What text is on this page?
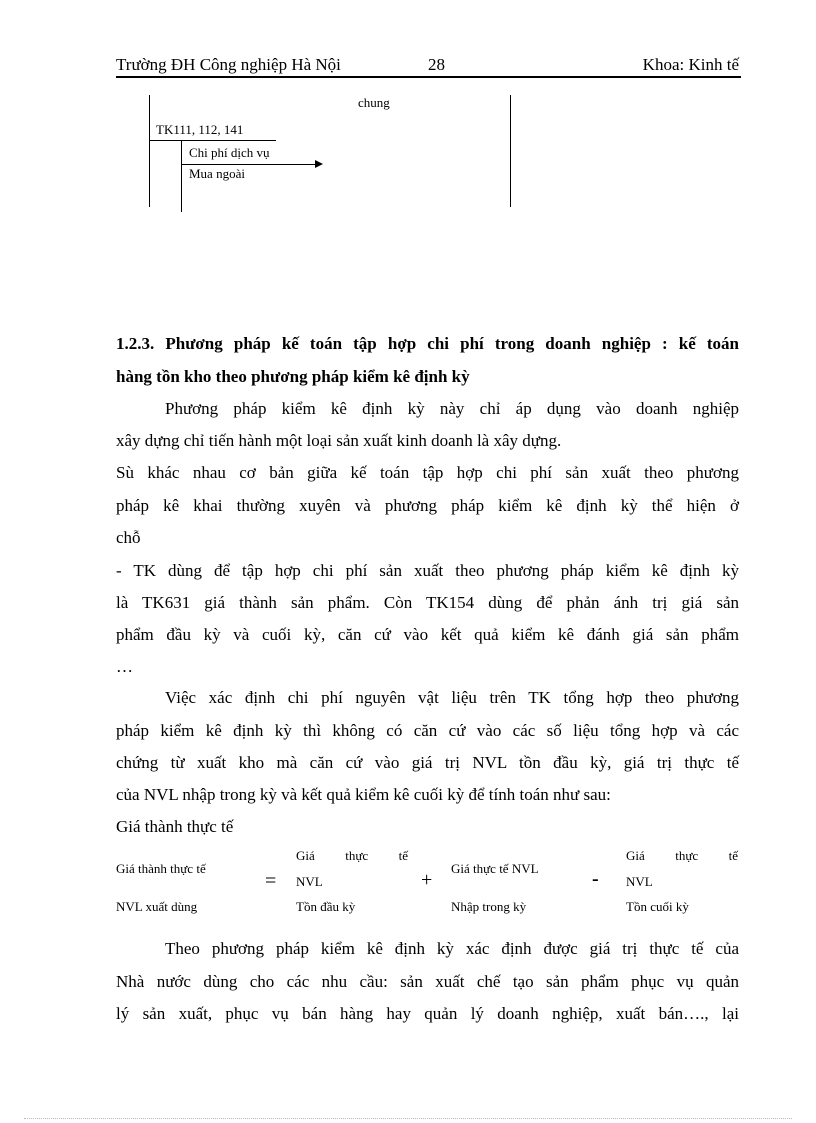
Trường ĐH Công nghiệp Hà Nội	28	Khoa: Kinh tế
chung
TK111, 112, 141
Chi phí dịch vụ
Mua ngoài
1.2.3. Phương pháp kế toán tập hợp chi phí trong doanh nghiệp : kế toán
hàng tồn kho theo phương pháp kiểm kê định kỳ
Phương pháp kiểm kê định kỳ này chỉ áp dụng vào doanh nghiệp
xây dựng chỉ tiến hành một loại sản xuất kinh doanh là xây dựng.
Sù khác nhau cơ bản giữa kế toán tập hợp chi phí sản xuất theo phương
pháp kê khai thường xuyên và phương pháp kiểm kê định kỳ thể hiện ở
chỗ
- TK dùng để tập hợp chi phí sản xuất theo phương pháp kiểm kê định kỳ
là TK631 giá thành sản phẩm. Còn TK154 dùng để phản ánh trị giá sản
phẩm đầu kỳ và cuối kỳ, căn cứ vào kết quả kiểm kê đánh giá sản phẩm
…
Việc xác định chi phí nguyên vật liệu trên TK tổng hợp theo phương
pháp kiểm kê định kỳ thì không có căn cứ vào các số liệu tổng hợp và các
chứng từ xuất kho mà căn cứ vào giá trị NVL tồn đầu kỳ, giá trị thực tế
của NVL nhập trong kỳ và kết quả kiểm kê cuối kỳ để tính toán như sau:
Giá thành thực tế
Giá thành thực tế
NVL xuất dùng
=
Giá thực tế
NVL
Tồn đầu kỳ
+
Giá thực tế NVL
Nhập trong kỳ
-
Giá thực tế
NVL
Tồn cuối kỳ
Theo phương pháp kiểm kê định kỳ xác định được giá trị thực tế của
Nhà nước dùng cho các nhu cầu: sản xuất chế tạo sản phẩm phục vụ quản
lý sản xuất, phục vụ bán hàng hay quản lý doanh nghiệp, xuất bán…., lại
